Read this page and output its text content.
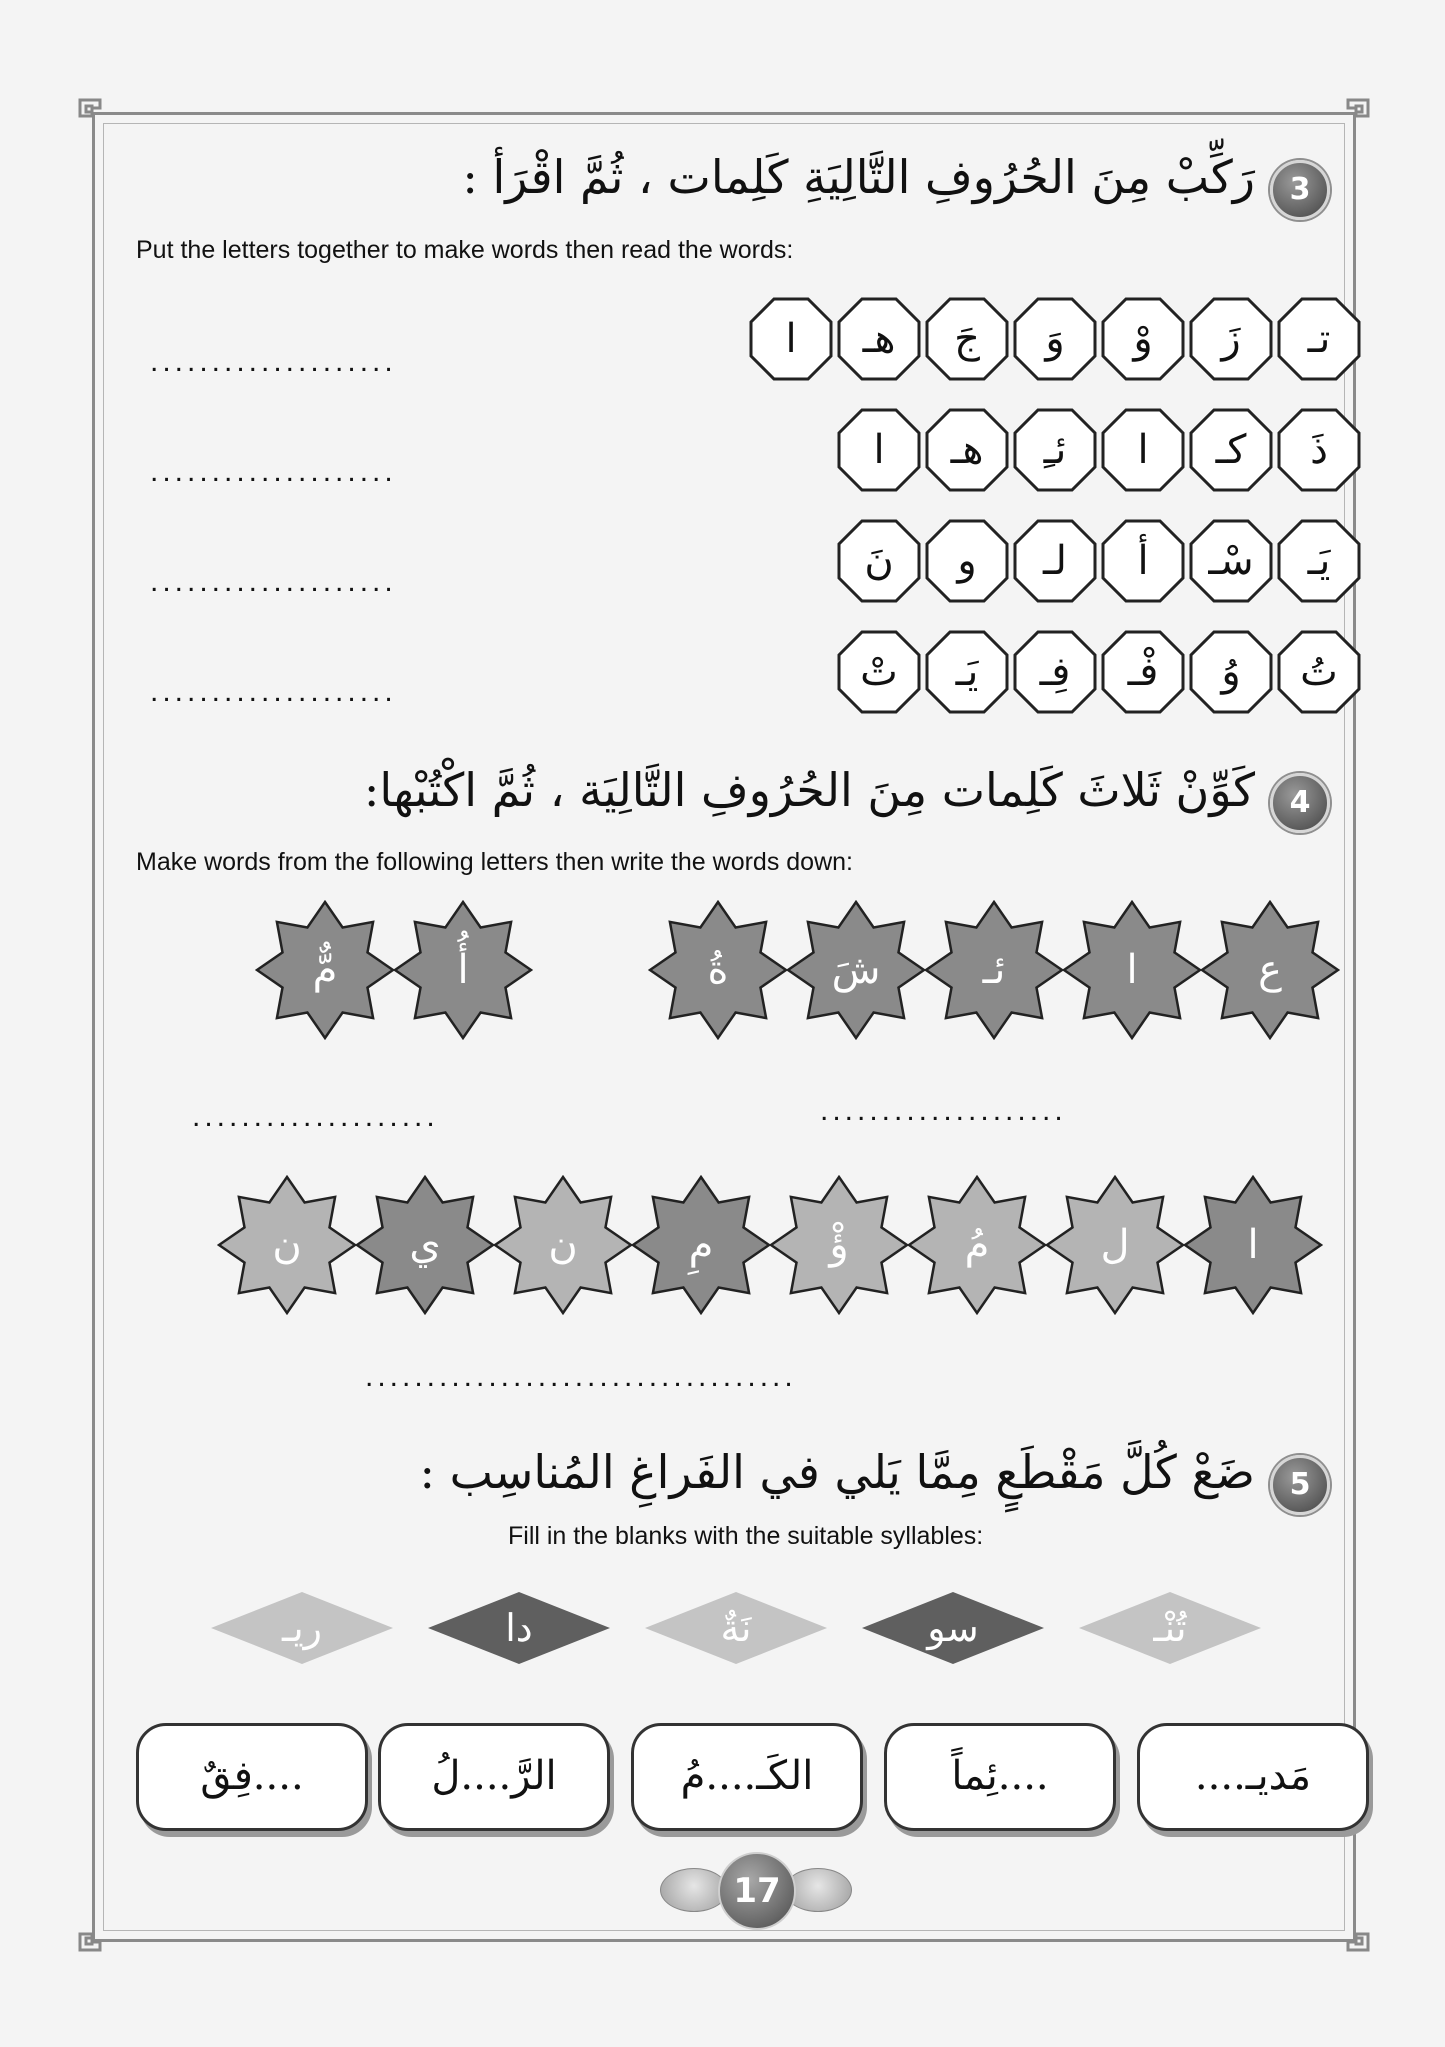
3
رَكِّبْ مِنَ الحُرُوفِ التَّالِيَةِ كَلِمات ، ثُمَّ اقْرَأ :
Put the letters together to make words then read the words:
تـ
زَ
وْ
وَ
جَ
هـ
ا
ذَ
كـ
ا
ئـِ
هـ
ا
يَـ
سْـ
أ
لـ
و
نَ
تُ
وُ
فْـ
فِـ
يَـ
تْ
....................
....................
....................
....................
4
كَوِّنْ ثَلاثَ كَلِمات مِنَ الحُرُوفِ التَّالِيَة ، ثُمَّ اكْتُبْها:
Make words from the following letters then write the words down:
ع
ا
ئـ
شَ
ةُ
أُ
مٌّ
ا
ل
مُ
ؤْ
مِ
ن
ي
ن
....................	....................
...................................
5
ضَعْ كُلَّ مَقْطَعٍ مِمَّا يَلي في الفَراغِ المُناسِب :
Fill in the blanks with the suitable syllables:
تُنْـ
سو
نَةٌ
دا
ريـ
مَديـ....
....ئِماً
الكَـ....مُ
الرَّ....لُ
....فِقٌ
17
